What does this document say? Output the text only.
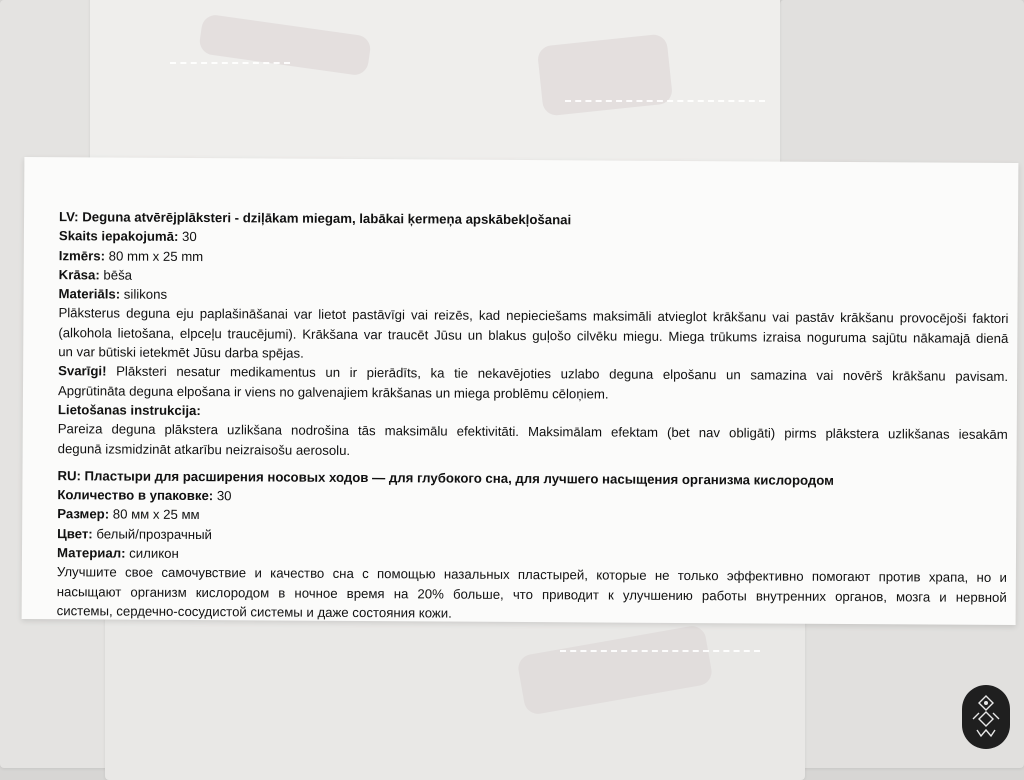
LV: Deguna atvērējplāksteri - dziļākam miegam, labākai ķermeņa apskābekļošanai
Skaits iepakojumā: 30
Izmērs: 80 mm x 25 mm
Krāsa: bēša
Materiāls: silikons
Plāksterus deguna eju paplašināšanai var lietot pastāvīgi vai reizēs, kad nepieciešams maksimāli atvieglot krākšanu vai pastāv krākšanu provocējoši faktori
(alkohola lietošana, elpceļu traucējumi). Krākšana var traucēt Jūsu un blakus guļošo cilvēku miegu. Miega trūkums izraisa noguruma sajūtu nākamajā dienā
un var būtiski ietekmēt Jūsu darba spējas.
Svarīgi! Plāksteri nesatur medikamentus un ir pierādīts, ka tie nekavējoties uzlabo deguna elpošanu un samazina vai novērš krākšanu pavisam.
Apgrūtināta deguna elpošana ir viens no galvenajiem krākšanas un miega problēmu cēloņiem.
Lietošanas instrukcija:
Pareiza deguna plākstera uzlikšana nodrošina tās maksimālu efektivitāti. Maksimālam efektam (bet nav obligāti) pirms plākstera uzlikšanas iesakām
degunā izsmidzināt atkarību neizraisošu aerosolu.
RU: Пластыри для расширения носовых ходов — для глубокого сна, для лучшего насыщения организма кислородом
Количество в упаковке: 30
Размер: 80 мм x 25 мм
Цвет: белый/прозрачный
Материал: силикон
Улучшите свое самочувствие и качество сна с помощью назальных пластырей, которые не только эффективно помогают против храпа, но и
насыщают организм кислородом в ночное время на 20% больше, что приводит к улучшению работы внутренних органов, мозга и нервной
системы, сердечно-сосудистой системы и даже состояния кожи.
